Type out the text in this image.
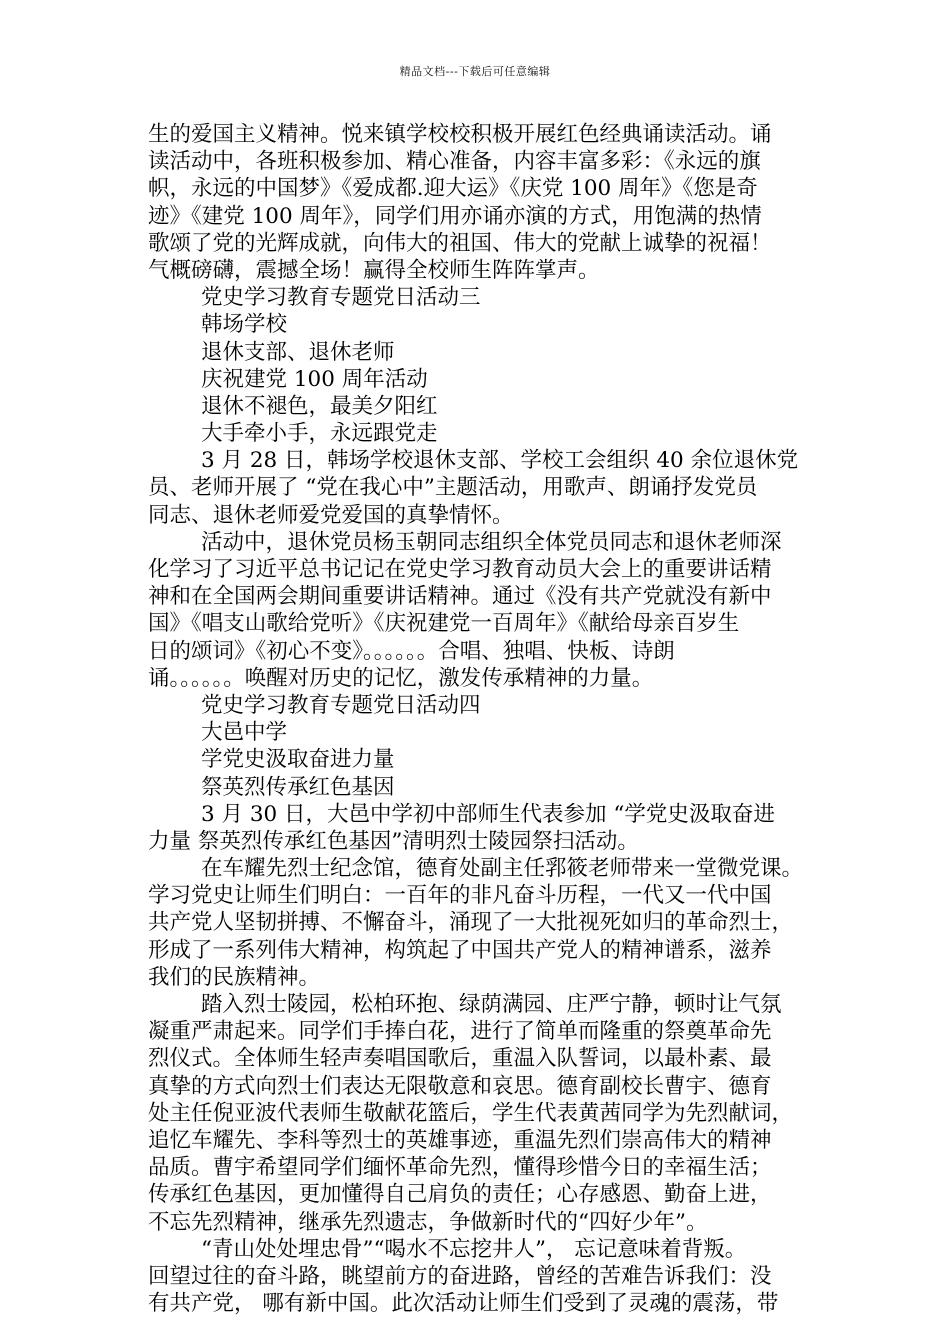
精品文档---下载后可任意编辑
生的爱国主义精神。悦来镇学校校积极开展红色经典诵读活动。诵
读活动中，各班积极参加、精心准备，内容丰富多彩：《永远的旗
帜，永远的中国梦》《爱成都.迎大运》《庆党 100 周年》《您是奇
迹》《建党 100 周年》，同学们用亦诵亦演的方式，用饱满的热情
歌颂了党的光辉成就，向伟大的祖国、伟大的党献上诚挚的祝福！
气概磅礴，震撼全场！赢得全校师生阵阵掌声。
党史学习教育专题党日活动三
韩场学校
退休支部、退休老师
庆祝建党 100 周年活动
退休不褪色，最美夕阳红
大手牵小手，永远跟党走
3 月 28 日，韩场学校退休支部、学校工会组织 40 余位退休党
员、老师开展了 “党在我心中”主题活动，用歌声、朗诵抒发党员
同志、退休老师爱党爱国的真挚情怀。
活动中，退休党员杨玉朝同志组织全体党员同志和退休老师深
化学习了习近平总书记记在党史学习教育动员大会上的重要讲话精
神和在全国两会期间重要讲话精神。通过《没有共产党就没有新中
国》《唱支山歌给党听》《庆祝建党一百周年》《献给母亲百岁生
日的颂词》《初心不变》。。。。。。合唱、独唱、快板、诗朗
诵。。。。。。唤醒对历史的记忆，激发传承精神的力量。
党史学习教育专题党日活动四
大邑中学
学党史汲取奋进力量
祭英烈传承红色基因
3 月 30 日，大邑中学初中部师生代表参加 “学党史汲取奋进
力量 祭英烈传承红色基因”清明烈士陵园祭扫活动。
在车耀先烈士纪念馆，德育处副主任郛筱老师带来一堂微党课。
学习党史让师生们明白：一百年的非凡奋斗历程，一代又一代中国
共产党人坚韧拼搏、不懈奋斗，涌现了一大批视死如归的革命烈士，
形成了一系列伟大精神，构筑起了中国共产党人的精神谱系，滋养
我们的民族精神。
踏入烈士陵园，松柏环抱、绿荫满园、庄严宁静，顿时让气氛
凝重严肃起来。同学们手捧白花，进行了简单而隆重的祭奠革命先
烈仪式。全体师生轻声奏唱国歌后，重温入队誓词，以最朴素、最
真挚的方式向烈士们表达无限敬意和哀思。德育副校长曹宇、德育
处主任倪亚波代表师生敬献花篮后，学生代表黄茜同学为先烈献词，
追忆车耀先、李科等烈士的英雄事迹，重温先烈们崇高伟大的精神
品质。曹宇希望同学们缅怀革命先烈，懂得珍惜今日的幸福生活；
传承红色基因，更加懂得自己肩负的责任；心存感恩、勤奋上进，
不忘先烈精神，继承先烈遗志，争做新时代的“四好少年”。
“青山处处埋忠骨”“喝水不忘挖井人”， 忘记意味着背叛。
回望过往的奋斗路，眺望前方的奋进路，曾经的苦难告诉我们：没
有共产党， 哪有新中国。此次活动让师生们受到了灵魂的震荡，带
